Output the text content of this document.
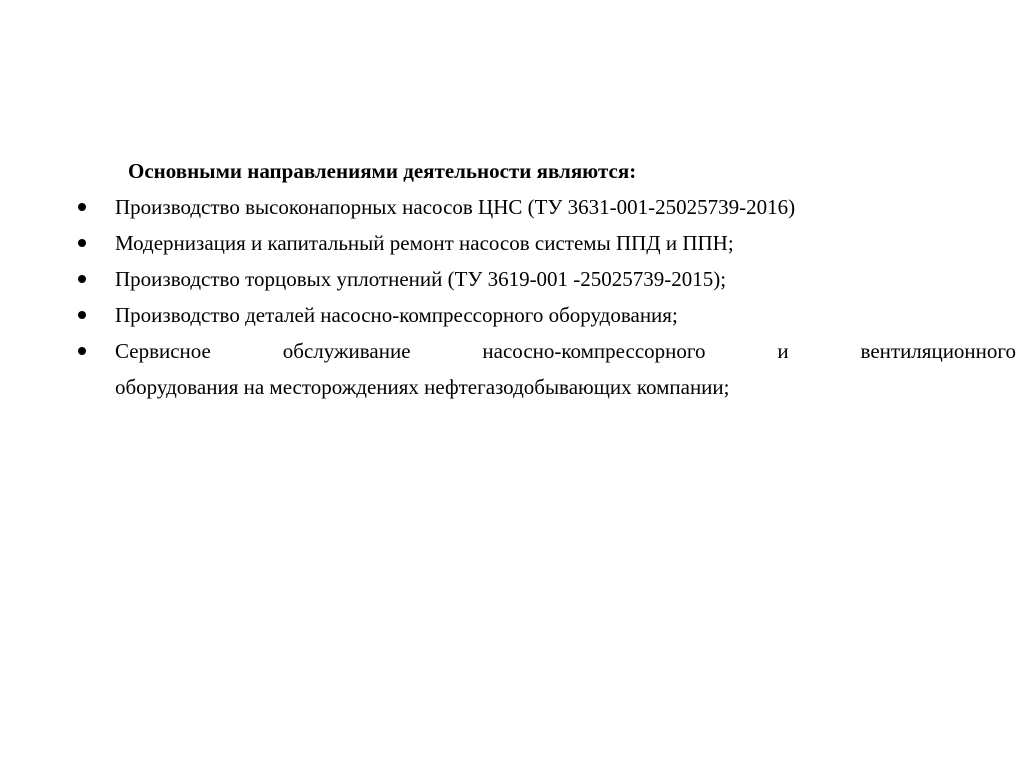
Основными направлениями деятельности являются:

Производство высоконапорных насосов ЦНС (ТУ 3631-001-25025739-2016)
Модернизация и капитальный ремонт насосов системы ППД и ППН;
Производство торцовых уплотнений (ТУ 3619-001 -25025739-2015);
Производство деталей насосно-компрессорного оборудования;
Сервисное обслуживание насосно-компрессорного и вентиляционного
оборудования на месторождениях нефтегазодобывающих компании;
